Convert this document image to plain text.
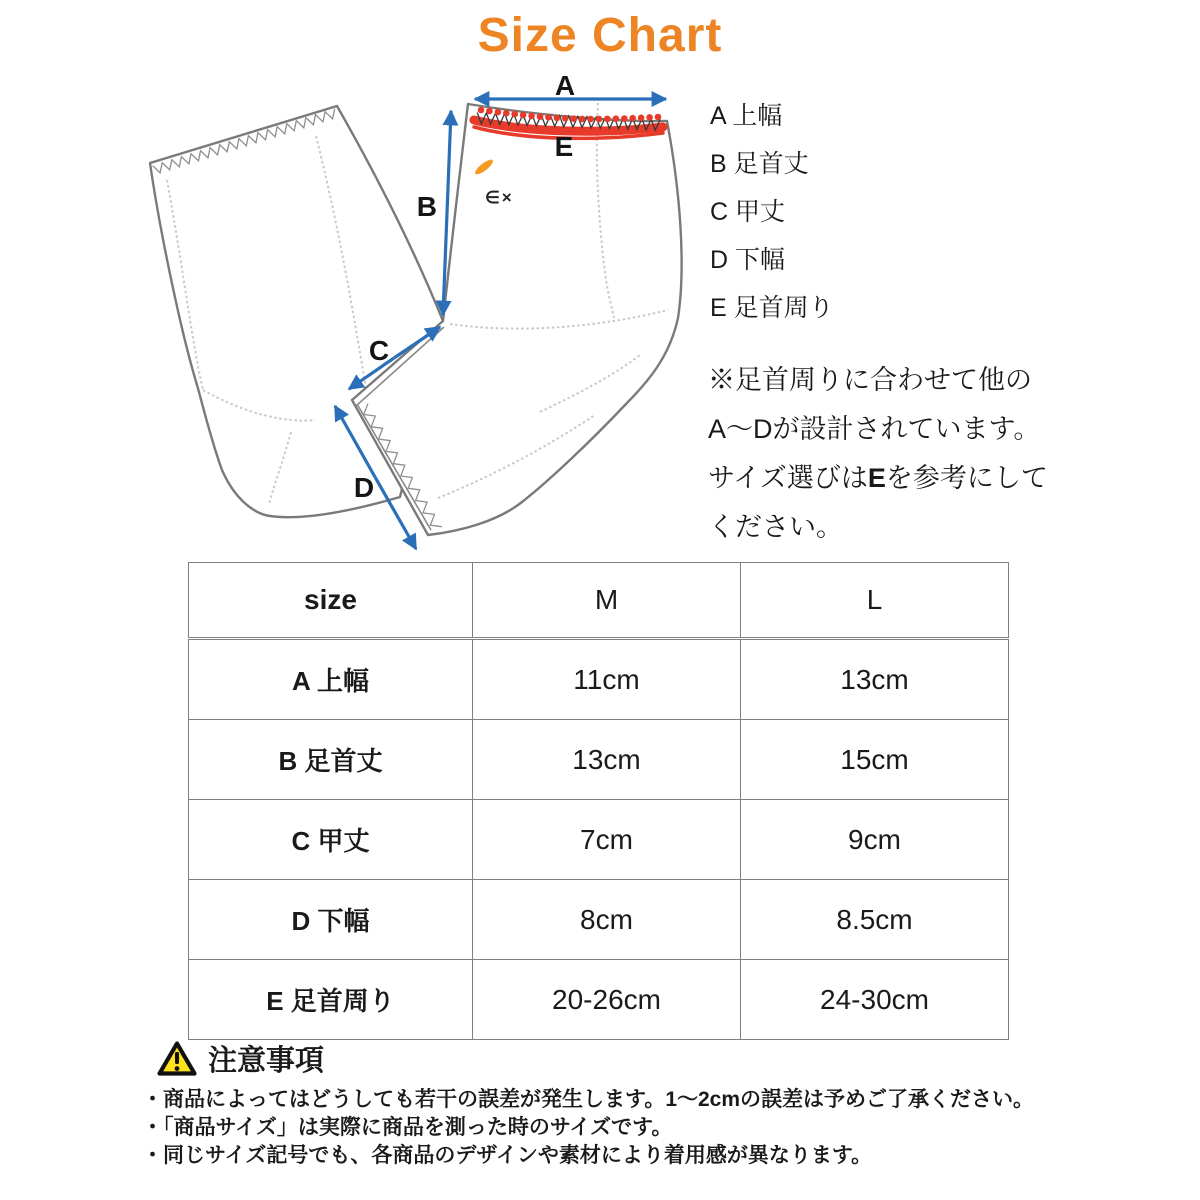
Size Chart
∈×
A
B
C
D
E
A 上幅
B 足首丈
C 甲丈
D 下幅
E 足首周り
※足首周りに合わせて他の
A〜Dが設計されています。
サイズ選びはEを参考にして
ください。
size	M	L
A 上幅	11cm	13cm
B 足首丈	13cm	15cm
C 甲丈	7cm	9cm
D 下幅	8cm	8.5cm
E 足首周り	20-26cm	24-30cm
注意事項
・商品によってはどうしても若干の誤差が発生します。1〜2cmの誤差は予めご了承ください。
・「商品サイズ」は実際に商品を測った時のサイズです。
・同じサイズ記号でも、各商品のデザインや素材により着用感が異なります。
